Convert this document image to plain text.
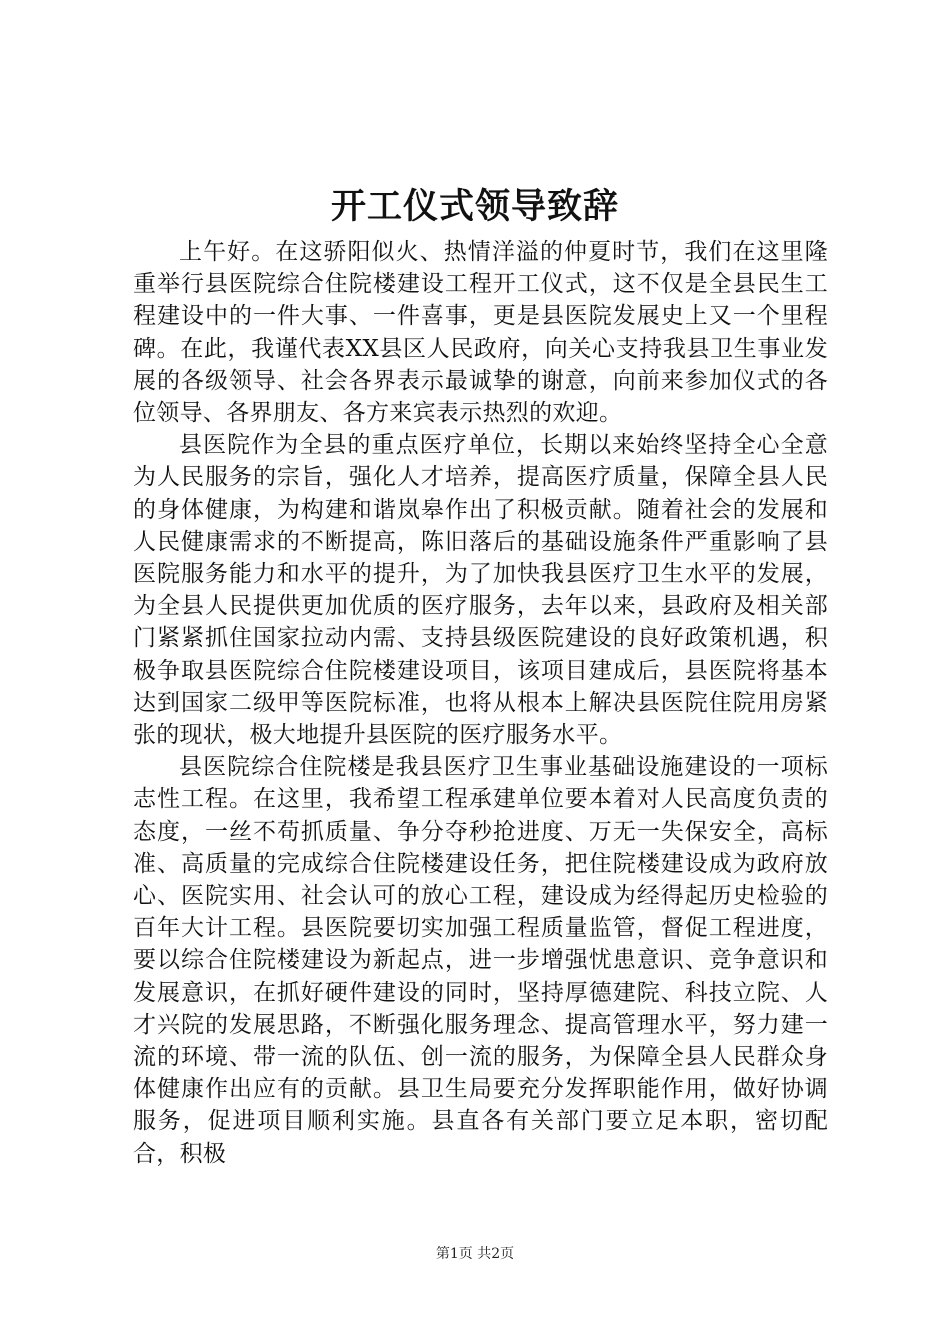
开工仪式领导致辞

上午好。在这骄阳似火、热情洋溢的仲夏时节，我们在这里隆重举行县医院综合住院楼建设工程开工仪式，这不仅是全县民生工程建设中的一件大事、一件喜事，更是县医院发展史上又一个里程碑。在此，我谨代表XX县区人民政府，向关心支持我县卫生事业发展的各级领导、社会各界表示最诚挚的谢意，向前来参加仪式的各位领导、各界朋友、各方来宾表示热烈的欢迎。

县医院作为全县的重点医疗单位，长期以来始终坚持全心全意为人民服务的宗旨，强化人才培养，提高医疗质量，保障全县人民的身体健康，为构建和谐岚皋作出了积极贡献。随着社会的发展和人民健康需求的不断提高，陈旧落后的基础设施条件严重影响了县医院服务能力和水平的提升，为了加快我县医疗卫生水平的发展，为全县人民提供更加优质的医疗服务，去年以来，县政府及相关部门紧紧抓住国家拉动内需、支持县级医院建设的良好政策机遇，积极争取县医院综合住院楼建设项目，该项目建成后，县医院将基本达到国家二级甲等医院标准，也将从根本上解决县医院住院用房紧张的现状，极大地提升县医院的医疗服务水平。

县医院综合住院楼是我县医疗卫生事业基础设施建设的一项标志性工程。在这里，我希望工程承建单位要本着对人民高度负责的态度，一丝不苟抓质量、争分夺秒抢进度、万无一失保安全，高标准、高质量的完成综合住院楼建设任务，把住院楼建设成为政府放心、医院实用、社会认可的放心工程，建设成为经得起历史检验的百年大计工程。县医院要切实加强工程质量监管，督促工程进度，要以综合住院楼建设为新起点，进一步增强忧患意识、竞争意识和发展意识，在抓好硬件建设的同时，坚持厚德建院、科技立院、人才兴院的发展思路，不断强化服务理念、提高管理水平，努力建一流的环境、带一流的队伍、创一流的服务，为保障全县人民群众身体健康作出应有的贡献。县卫生局要充分发挥职能作用，做好协调服务，促进项目顺利实施。县直各有关部门要立足本职，密切配合，积极

第1页 共2页
